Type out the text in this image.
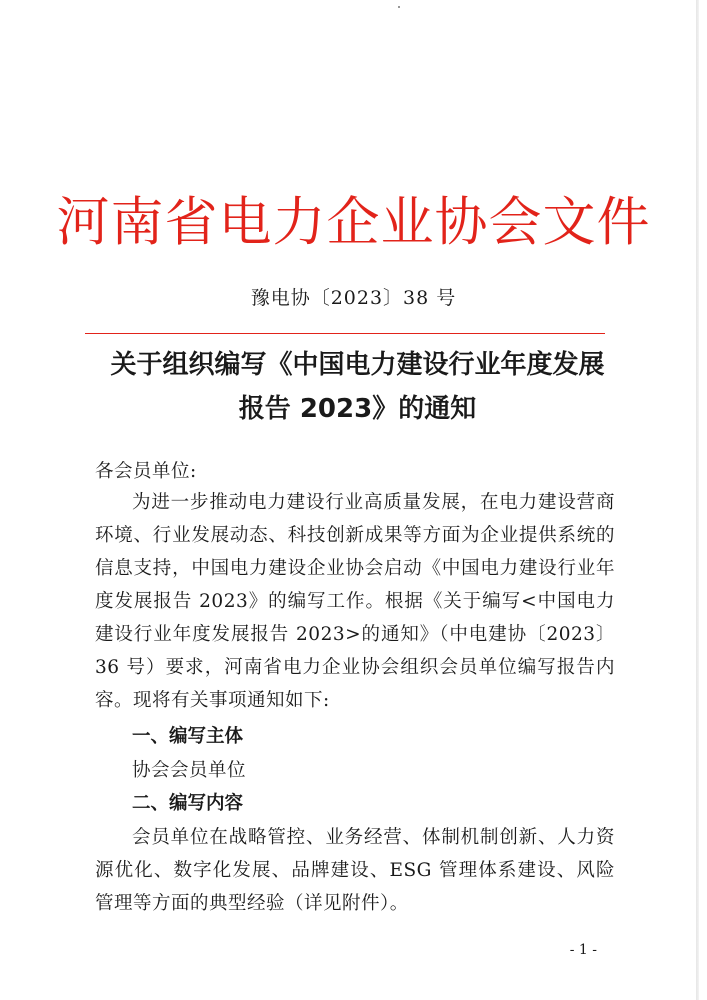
河南省电力企业协会文件
豫电协〔2023〕38 号
关于组织编写《中国电力建设行业年度发展
报告 2023》的通知
各会员单位:
为进一步推动电力建设行业高质量发展，在电力建设营商环境、行业发展动态、科技创新成果等方面为企业提供系统的信息支持，中国电力建设企业协会启动《中国电力建设行业年度发展报告 2023》的编写工作。根据《关于编写<中国电力建设行业年度发展报告 2023>的通知》（中电建协〔2023〕36 号）要求，河南省电力企业协会组织会员单位编写报告内容。现将有关事项通知如下:
一、编写主体
协会会员单位
二、编写内容
会员单位在战略管控、业务经营、体制机制创新、人力资源优化、数字化发展、品牌建设、ESG 管理体系建设、风险管理等方面的典型经验（详见附件）。
- 1 -
